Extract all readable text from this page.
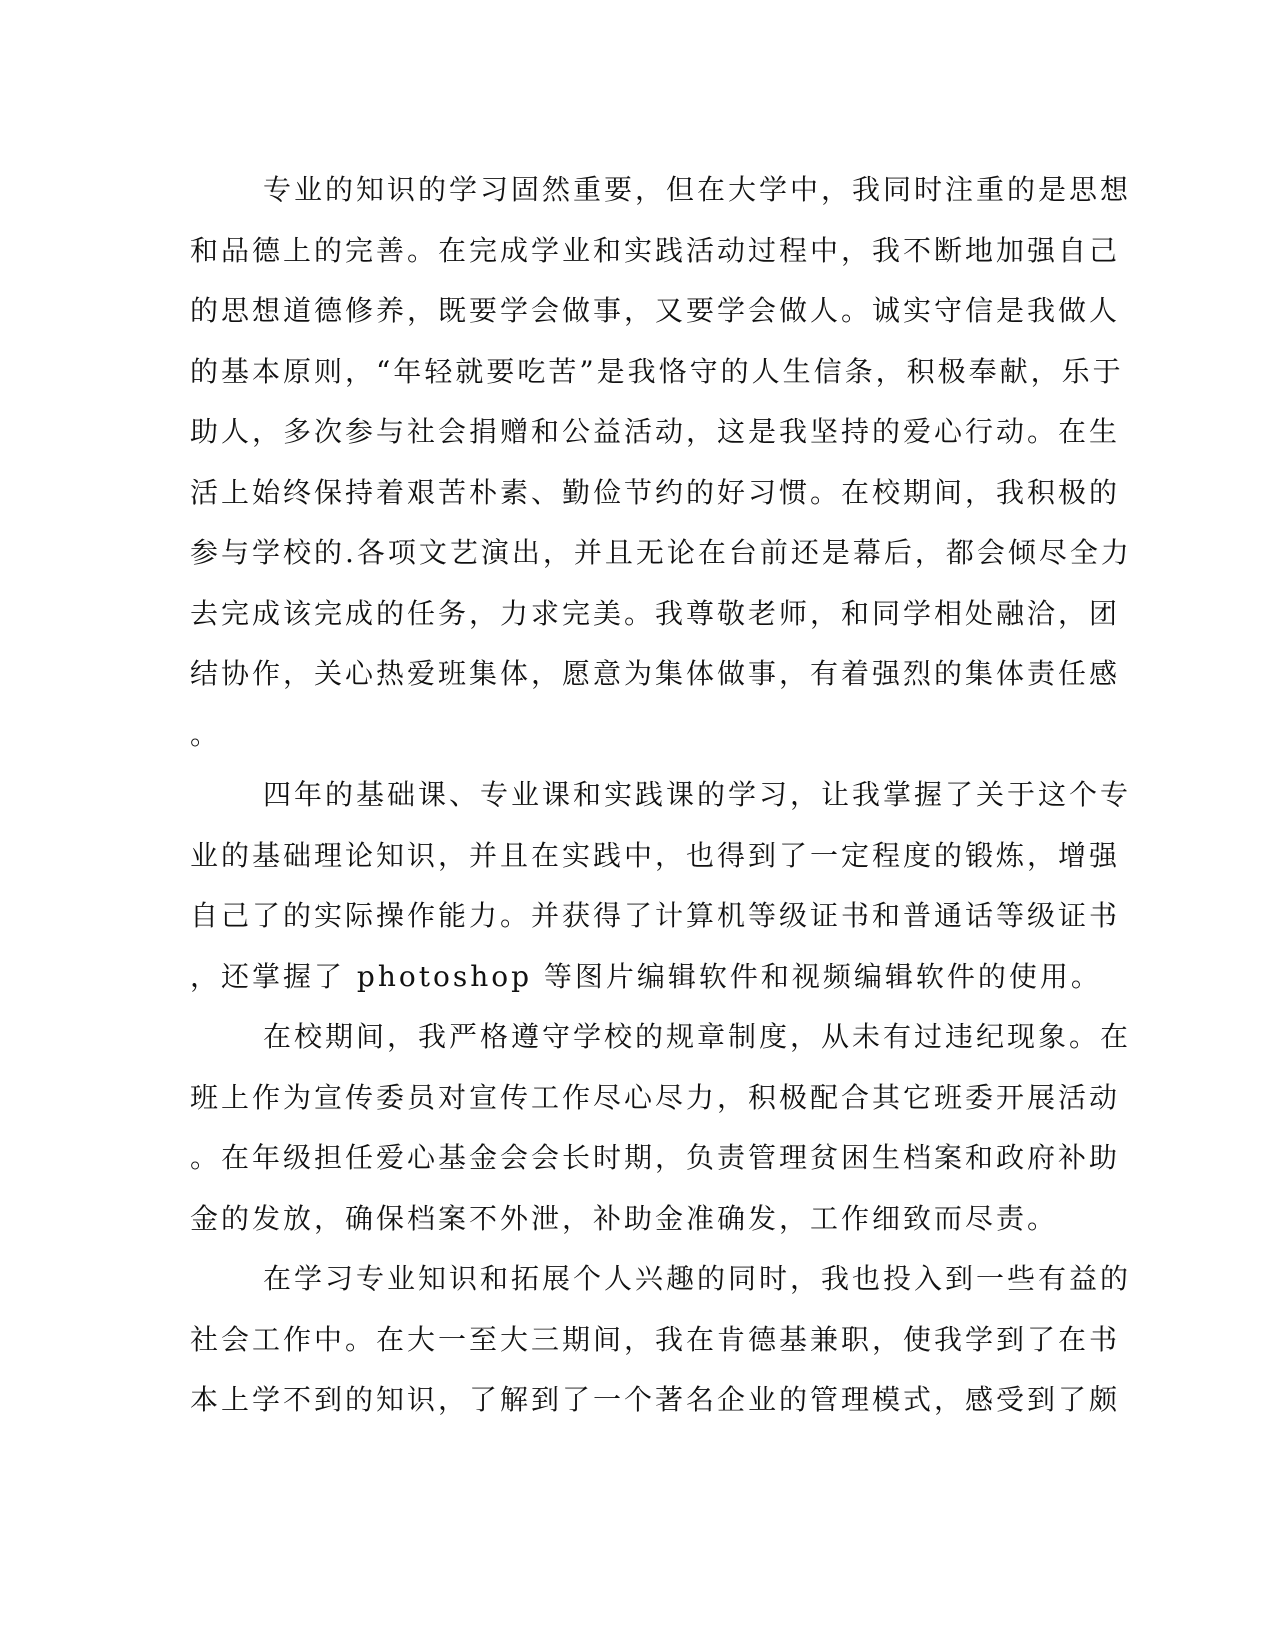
专业的知识的学习固然重要，但在大学中，我同时注重的是思想
和品德上的完善。在完成学业和实践活动过程中，我不断地加强自己
的思想道德修养，既要学会做事，又要学会做人。诚实守信是我做人
的基本原则，“年轻就要吃苦”是我恪守的人生信条，积极奉献，乐于
助人，多次参与社会捐赠和公益活动，这是我坚持的爱心行动。在生
活上始终保持着艰苦朴素、勤俭节约的好习惯。在校期间，我积极的
参与学校的.各项文艺演出，并且无论在台前还是幕后，都会倾尽全力
去完成该完成的任务，力求完美。我尊敬老师，和同学相处融洽，团
结协作，关心热爱班集体，愿意为集体做事，有着强烈的集体责任感
。
四年的基础课、专业课和实践课的学习，让我掌握了关于这个专
业的基础理论知识，并且在实践中，也得到了一定程度的锻炼，增强
自己了的实际操作能力。并获得了计算机等级证书和普通话等级证书
，还掌握了 photoshop 等图片编辑软件和视频编辑软件的使用。
在校期间，我严格遵守学校的规章制度，从未有过违纪现象。在
班上作为宣传委员对宣传工作尽心尽力，积极配合其它班委开展活动
。在年级担任爱心基金会会长时期，负责管理贫困生档案和政府补助
金的发放，确保档案不外泄，补助金准确发，工作细致而尽责。
在学习专业知识和拓展个人兴趣的同时，我也投入到一些有益的
社会工作中。在大一至大三期间，我在肯德基兼职，使我学到了在书
本上学不到的知识，了解到了一个著名企业的管理模式，感受到了颇
